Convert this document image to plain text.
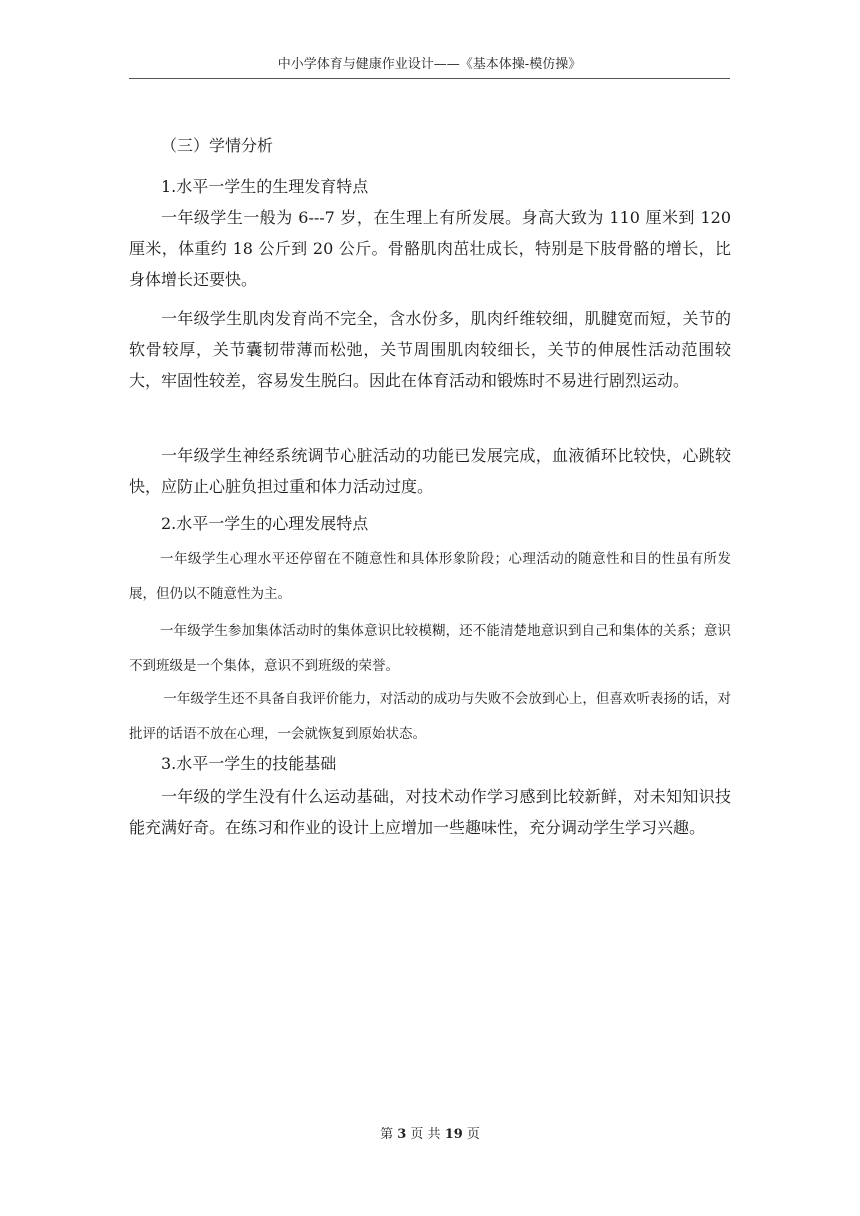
中小学体育与健康作业设计——《基本体操-模仿操》

（三）学情分析

1.水平一学生的生理发育特点

一年级学生一般为 6---7 岁，在生理上有所发展。身高大致为 110 厘米到 120 厘米，体重约 18 公斤到 20 公斤。骨骼肌肉茁壮成长，特别是下肢骨骼的增长，比身体增长还要快。

一年级学生肌肉发育尚不完全，含水份多，肌肉纤维较细，肌腱宽而短，关节的软骨较厚，关节囊韧带薄而松弛，关节周围肌肉较细长，关节的伸展性活动范围较大，牢固性较差，容易发生脱臼。因此在体育活动和锻炼时不易进行剧烈运动。

一年级学生神经系统调节心脏活动的功能已发展完成，血液循环比较快，心跳较快，应防止心脏负担过重和体力活动过度。

2.水平一学生的心理发展特点

一年级学生心理水平还停留在不随意性和具体形象阶段；心理活动的随意性和目的性虽有所发展，但仍以不随意性为主。

一年级学生参加集体活动时的集体意识比较模糊，还不能清楚地意识到自己和集体的关系；意识不到班级是一个集体，意识不到班级的荣誉。

一年级学生还不具备自我评价能力，对活动的成功与失败不会放到心上，但喜欢听表扬的话，对批评的话语不放在心理，一会就恢复到原始状态。

3.水平一学生的技能基础

一年级的学生没有什么运动基础，对技术动作学习感到比较新鲜，对未知知识技能充满好奇。在练习和作业的设计上应增加一些趣味性，充分调动学生学习兴趣。

第 3 页 共 19 页
